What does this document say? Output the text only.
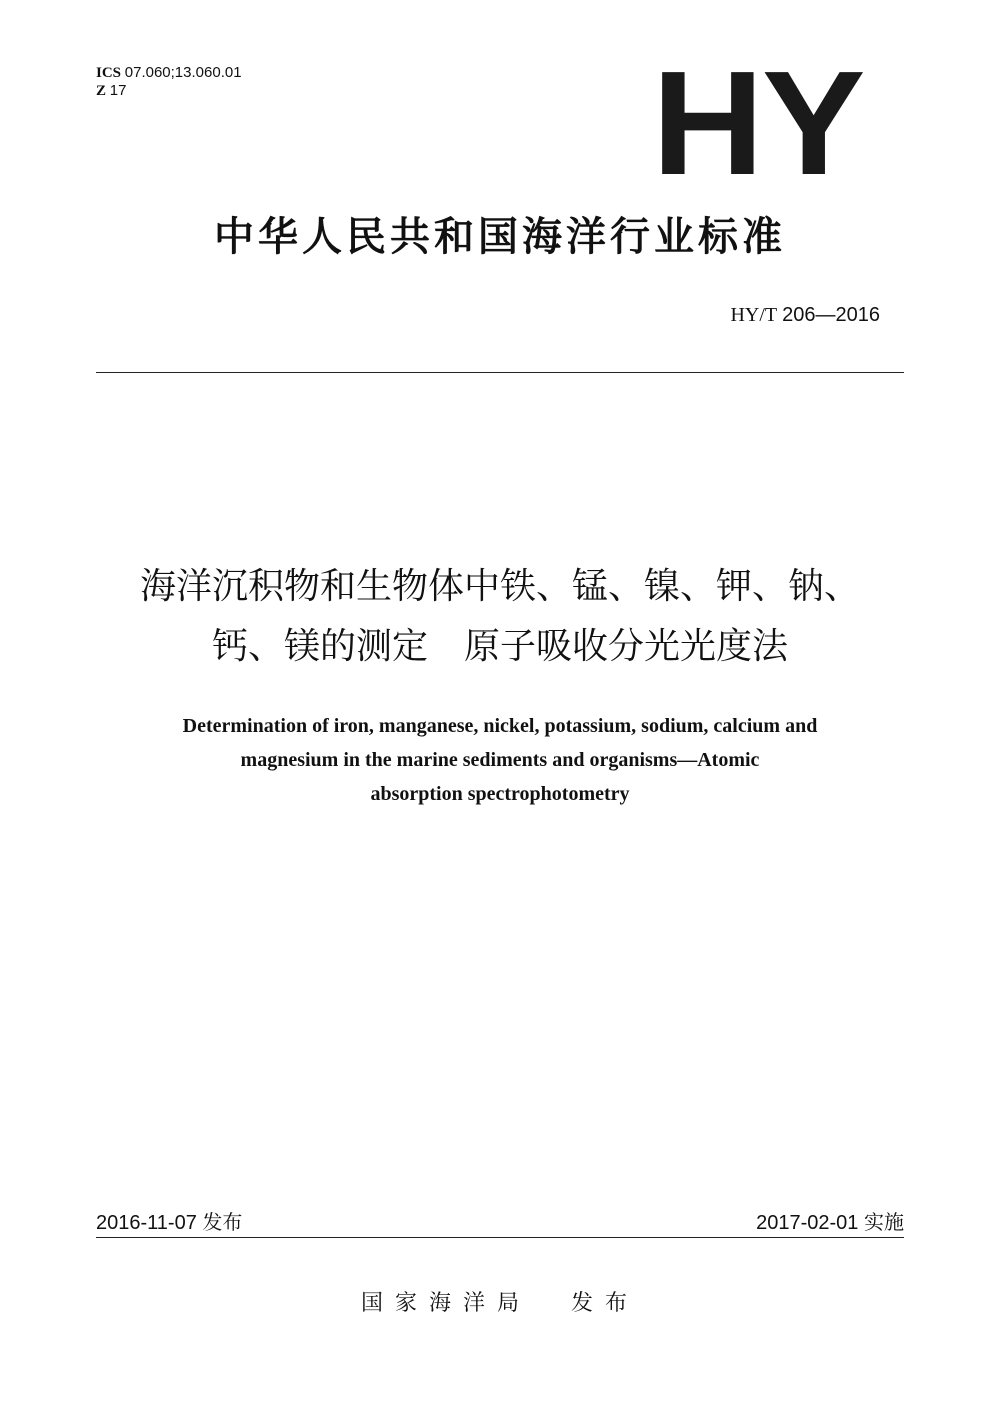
ICS 07.060;13.060.01
Z 17	HY
中华人民共和国海洋行业标准
HY/T 206—2016
海洋沉积物和生物体中铁、锰、镍、钾、钠、
钙、镁的测定　原子吸收分光光度法
Determination of iron, manganese, nickel, potassium, sodium, calcium and
magnesium in the marine sediments and organisms—Atomic
absorption spectrophotometry
2016-11-07 发布	2017-02-01 实施
国家海洋局 发布
